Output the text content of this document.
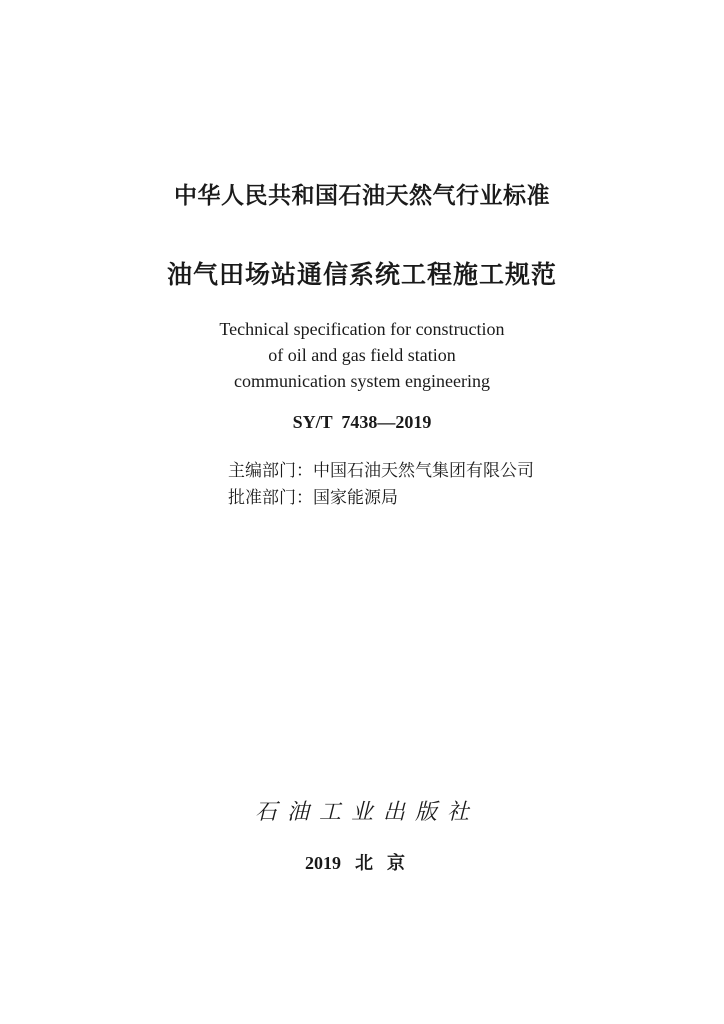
中华人民共和国石油天然气行业标准
油气田场站通信系统工程施工规范
Technical specification for construction
of oil and gas field station
communication system engineering
SY/T  7438—2019
主编部门：中国石油天然气集团有限公司
批准部门：国家能源局
石油工业出版社
2019 北京
